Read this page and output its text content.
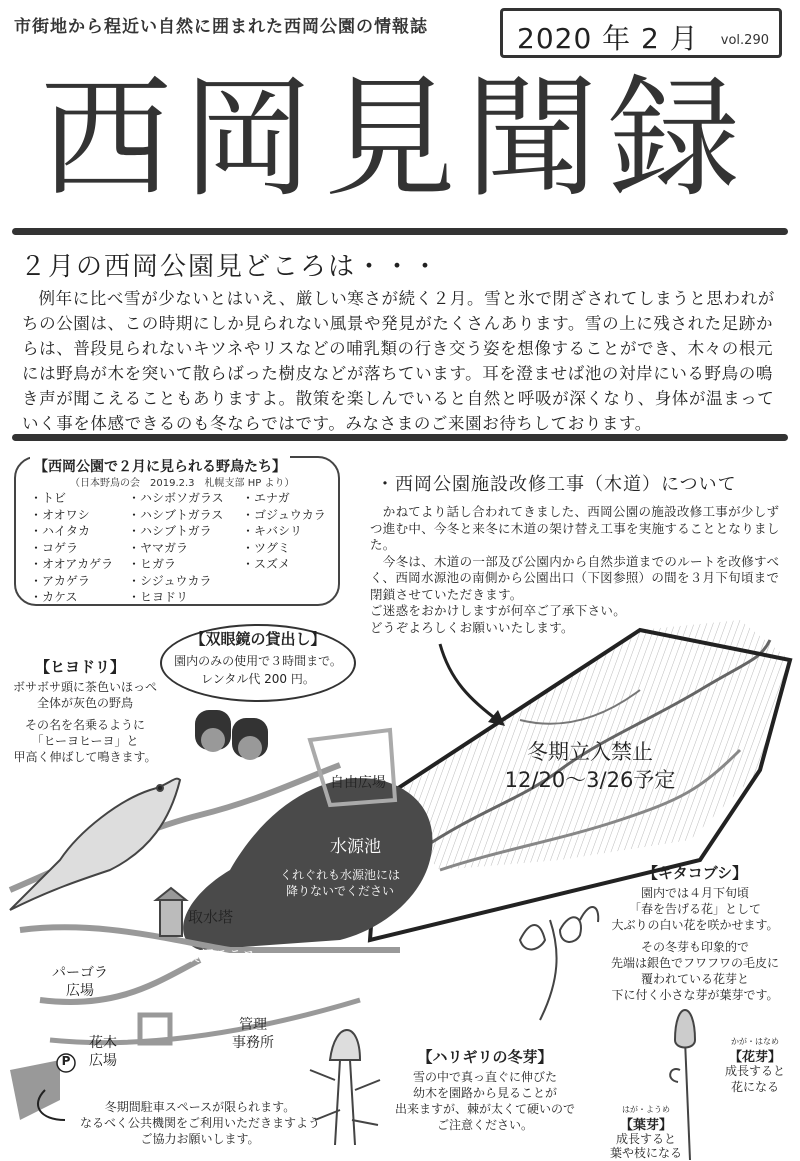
市街地から程近い自然に囲まれた西岡公園の情報誌	2020 年 2 月 vol.290
西岡見聞録
２月の西岡公園見どころは・・・
例年に比べ雪が少ないとはいえ、厳しい寒さが続く２月。雪と氷で閉ざされてしまうと思われがちの公園は、この時期にしか見られない風景や発見がたくさんあります。雪の上に残された足跡からは、普段見られないキツネやリスなどの哺乳類の行き交う姿を想像することができ、木々の根元には野鳥が木を突いて散らばった樹皮などが落ちています。耳を澄ませば池の対岸にいる野鳥の鳴き声が聞こえることもありますよ。散策を楽しんでいると自然と呼吸が深くなり、身体が温まっていく事を体感できるのも冬ならではです。みなさまのご来園お待ちしております。
【西岡公園で２月に見られる野鳥たち】
（日本野鳥の会　2019.2.3　札幌支部 HP より）
・トビ
・オオワシ
・ハイタカ
・コゲラ
・オオアカゲラ
・アカゲラ
・カケス
・ハシボソガラス
・ハシブトガラス
・ハシブトガラ
・ヤマガラ
・ヒガラ
・シジュウカラ
・ヒヨドリ
・エナガ
・ゴジュウカラ
・キバシリ
・ツグミ
・スズメ
・西岡公園施設改修工事（木道）について

　かねてより話し合われてきました、西岡公園の施設改修工事が少しずつ進む中、今冬と来冬に木道の架け替え工事を実施することとなりました。

　今冬は、木道の一部及び公園内から自然歩道までのルートを改修すべく、西岡水源池の南側から公園出口（下図参照）の間を３月下旬頃まで閉鎖させていただきます。

ご迷惑をおかけしますが何卒ご了承下さい。

どうぞよろしくお願いいたします。

【双眼鏡の貸出し】
園内のみの使用で３時間まで。
レンタル代 200 円。
【ヒヨドリ】
ボサボサ頭に茶色いほっぺ
全体が灰色の野鳥
その名を名乗るように
「ヒーヨヒーヨ」と
甲高く伸ばして鳴きます。	冬期立入禁止
12/20～3/26予定
自由広場
水源池
くれぐれも水源池には
降りないでください
取水塔
展望テラス
パーゴラ
広場
花木
広場
管理
事務所
P
冬期間駐車スペースが限られます。
なるべく公共機関をご利用いただきますよう
ご協力お願いします。
【キタコブシ】
園内では４月下旬頃
「春を告げる花」として
大ぶりの白い花を咲かせます。
その冬芽も印象的で
先端は銀色でフワフワの毛皮に
覆われている花芽と
下に付く小さな芽が葉芽です。
【ハリギリの冬芽】
雪の中で真っ直ぐに伸びた
幼木を園路から見ることが
出来ますが、棘が太くて硬いので
ご注意ください。
かが・はなめ
【花芽】
成長すると
花になる
はが・ようめ
【葉芽】
成長すると
葉や枝になる
